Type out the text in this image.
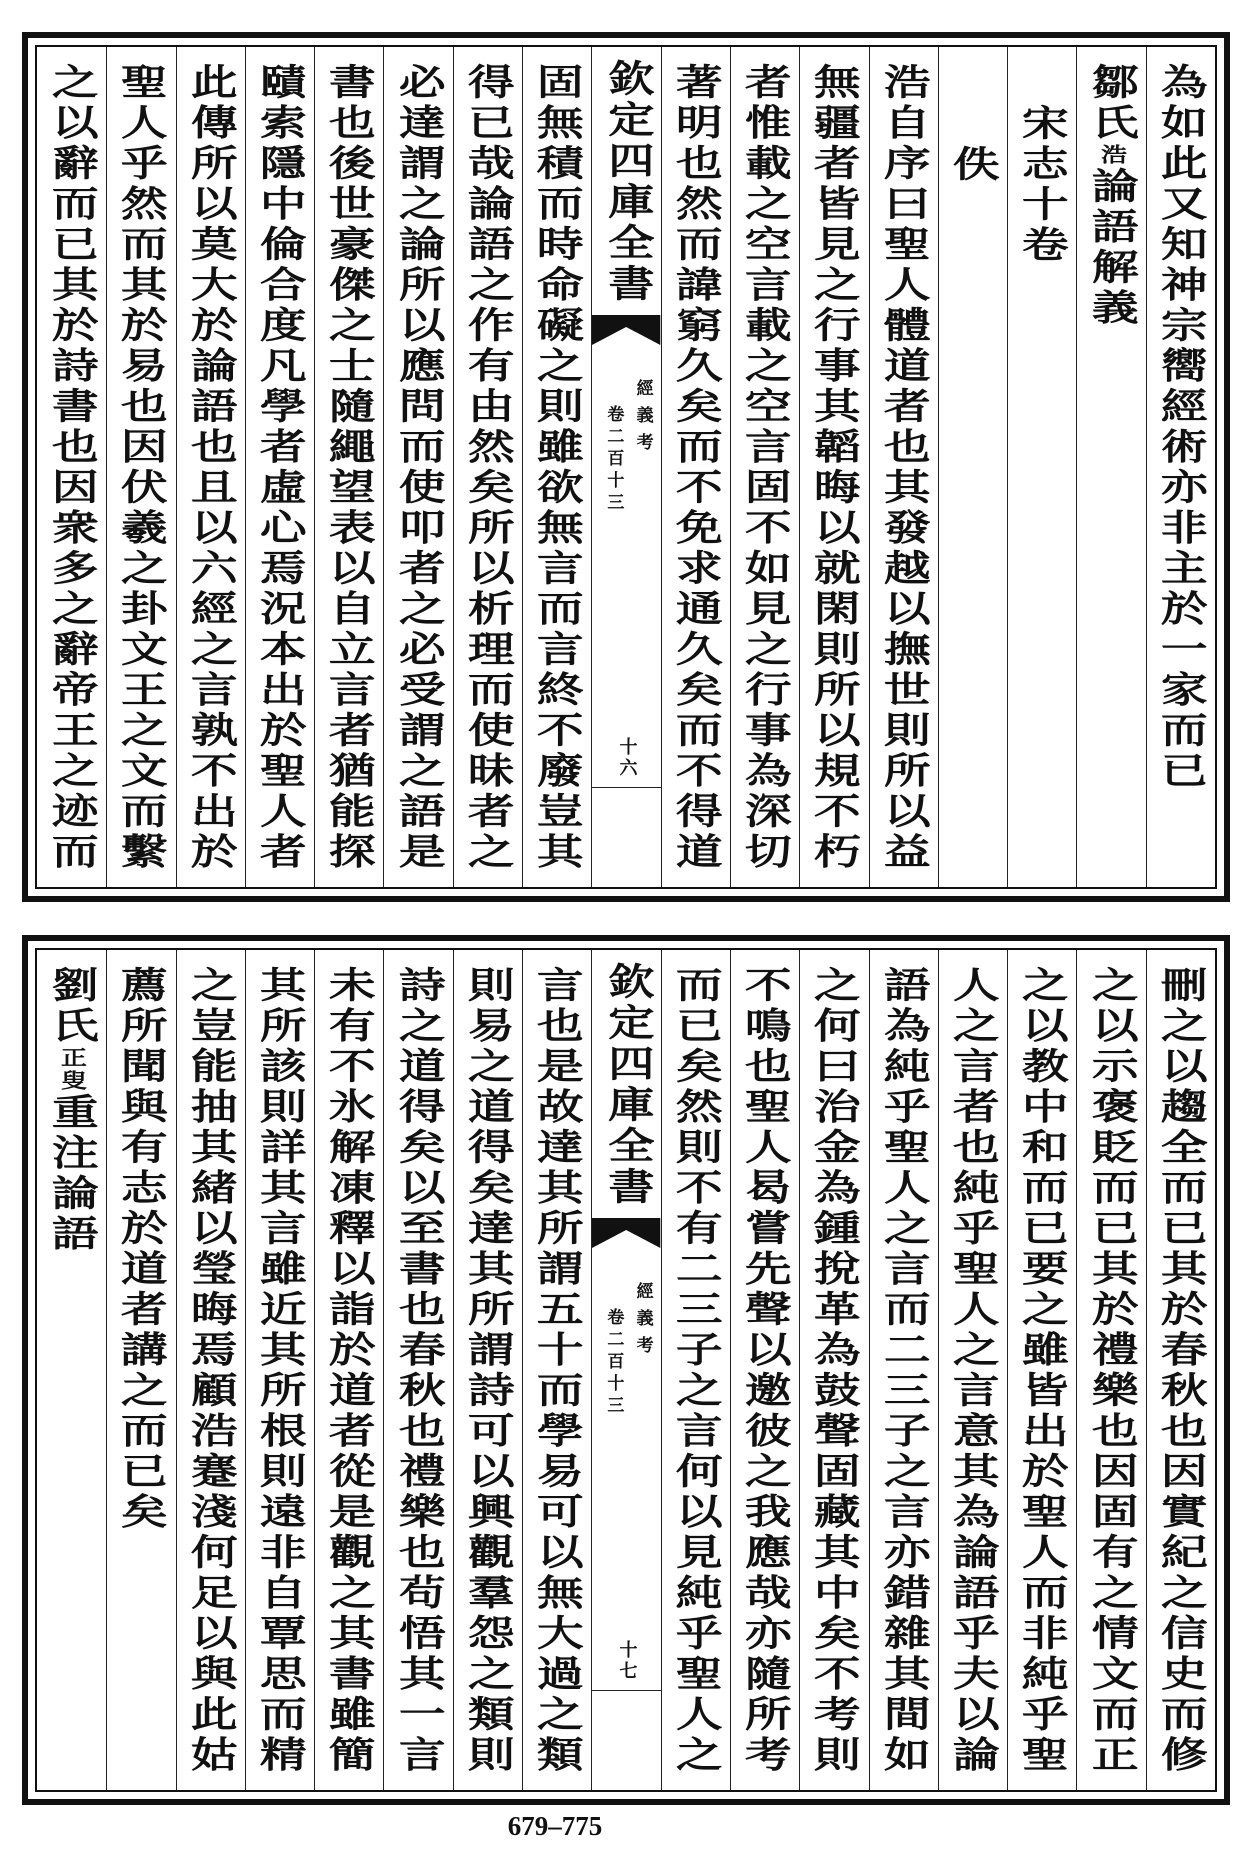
為如此又知神宗嚮經術亦非主於一家而已
鄒氏浩論語解義
宋志十卷
佚
浩自序曰聖人體道者也其發越以撫世則所以益
無疆者皆見之行事其韜晦以就閑則所以規不朽
者惟載之空言載之空言固不如見之行事為深切
著明也然而諱窮久矣而不免求通久矣而不得道
欽定四庫全書
經義考
卷二百十三
十六
固無積而時命礙之則雖欲無言而言終不廢豈其
得已哉論語之作有由然矣所以析理而使昧者之
必達謂之論所以應問而使叩者之必受謂之語是
書也後世豪傑之士隨繩望表以自立言者猶能探
賾索隱中倫合度凡學者虛心焉況本出於聖人者
此傳所以莫大於論語也且以六經之言孰不出於
聖人乎然而其於易也因伏羲之卦文王之文而繫
之以辭而已其於詩書也因衆多之辭帝王之迹而
刪之以趨全而已其於春秋也因實紀之信史而修
之以示褒貶而已其於禮樂也因固有之情文而正
之以教中和而已要之雖皆出於聖人而非純乎聖
人之言者也純乎聖人之言意其為論語乎夫以論
語為純乎聖人之言而二三子之言亦錯雜其間如
之何曰治金為鍾挩革為鼓聲固藏其中矣不考則
不鳴也聖人曷嘗先聲以邀彼之我應哉亦隨所考
而已矣然則不有二三子之言何以見純乎聖人之
欽定四庫全書
經義考
卷二百十三
十七
言也是故達其所謂五十而學易可以無大過之類
則易之道得矣達其所謂詩可以興觀羣怨之類則
詩之道得矣以至書也春秋也禮樂也茍悟其一言
未有不氷解凍釋以詣於道者從是觀之其書雖簡
其所該則詳其言雖近其所根則遠非自覃思而精
之豈能抽其緒以瑩晦焉顧浩蹇淺何足以與此姑
薦所聞與有志於道者講之而已矣
劉氏正叟重注論語
679–775
